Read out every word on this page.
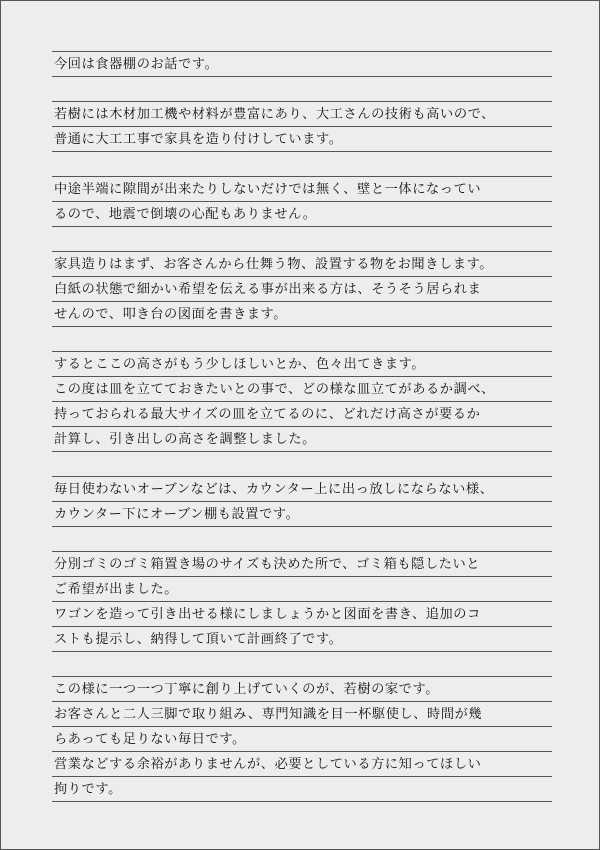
今回は食器棚のお話です。
若樹には木材加工機や材料が豊富にあり、大工さんの技術も高いので、
普通に大工工事で家具を造り付けしています。
中途半端に隙間が出来たりしないだけでは無く、壁と一体になってい
るので、地震で倒壊の心配もありません。
家具造りはまず、お客さんから仕舞う物、設置する物をお聞きします。
白紙の状態で細かい希望を伝える事が出来る方は、そうそう居られま
せんので、叩き台の図面を書きます。
するとここの高さがもう少しほしいとか、色々出てきます。
この度は皿を立てておきたいとの事で、どの様な皿立てがあるか調べ、
持っておられる最大サイズの皿を立てるのに、どれだけ高さが要るか
計算し、引き出しの高さを調整しました。
毎日使わないオーブンなどは、カウンター上に出っ放しにならない様、
カウンター下にオーブン棚も設置です。
分別ゴミのゴミ箱置き場のサイズも決めた所で、ゴミ箱も隠したいと
ご希望が出ました。
ワゴンを造って引き出せる様にしましょうかと図面を書き、追加のコ
ストも提示し、納得して頂いて計画終了です。
この様に一つ一つ丁寧に創り上げていくのが、若樹の家です。
お客さんと二人三脚で取り組み、専門知識を目一杯駆使し、時間が幾
らあっても足りない毎日です。
営業などする余裕がありませんが、必要としている方に知ってほしい
拘りです。
